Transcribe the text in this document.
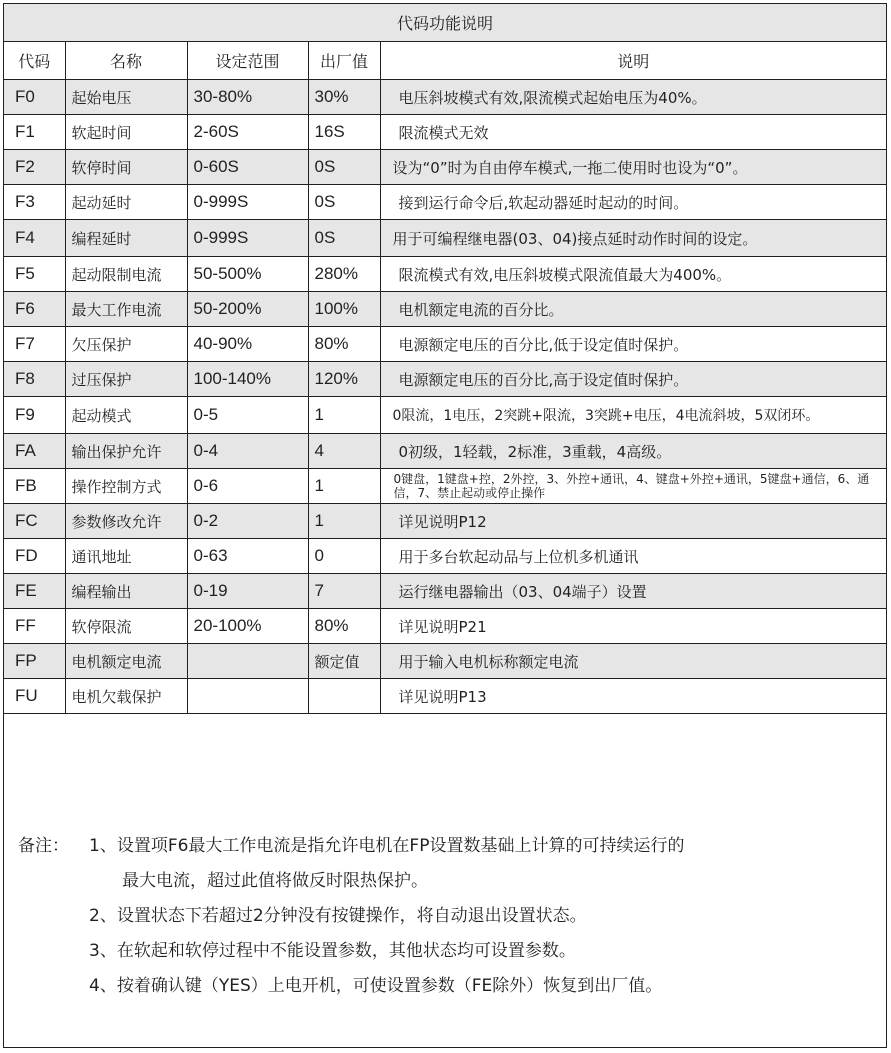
代码功能说明				
代码	名称	设定范围	出厂值	说明
F0	起始电压	30-80%	30%	电压斜坡模式有效,限流模式起始电压为40%。
F1	软起时间	2-60S	16S	限流模式无效
F2	软停时间	0-60S	0S	设为“0”时为自由停车模式,一拖二使用时也设为“0”。
F3	起动延时	0-999S	0S	接到运行命令后,软起动器延时起动的时间。
F4	编程延时	0-999S	0S	用于可编程继电器(03、04)接点延时动作时间的设定。
F5	起动限制电流	50-500%	280%	限流模式有效,电压斜坡模式限流值最大为400%。
F6	最大工作电流	50-200%	100%	电机额定电流的百分比。
F7	欠压保护	40-90%	80%	电源额定电压的百分比,低于设定值时保护。
F8	过压保护	100-140%	120%	电源额定电压的百分比,高于设定值时保护。
F9	起动模式	0-5	1	0限流，1电压，2突跳+限流，3突跳+电压，4电流斜坡，5双闭环。
FA	输出保护允许	0-4	4	0初级，1轻载，2标准，3重载，4高级。
FB	操作控制方式	0-6	1	0键盘，1键盘+控，2外控，3、外控+通讯，4、键盘+外控+通讯，5键盘+通信，6、通信，7、禁止起动或停止操作
FC	参数修改允许	0-2	1	详见说明P12
FD	通讯地址	0-63	0	用于多台软起动品与上位机多机通讯
FE	编程输出	0-19	7	运行继电器输出（03、04端子）设置
FF	软停限流	20-100%	80%	详见说明P21
FP	电机额定电流		额定值	用于输入电机标称额定电流
FU	电机欠载保护			详见说明P13
备注： 1、设置项F6最大工作电流是指允许电机在FP设置数基础上计算的可持续运行的
最大电流，超过此值将做反时限热保护。
2、设置状态下若超过2分钟没有按键操作，将自动退出设置状态。
3、在软起和软停过程中不能设置参数，其他状态均可设置参数。
4、按着确认键（YES）上电开机，可使设置参数（FE除外）恢复到出厂值。
